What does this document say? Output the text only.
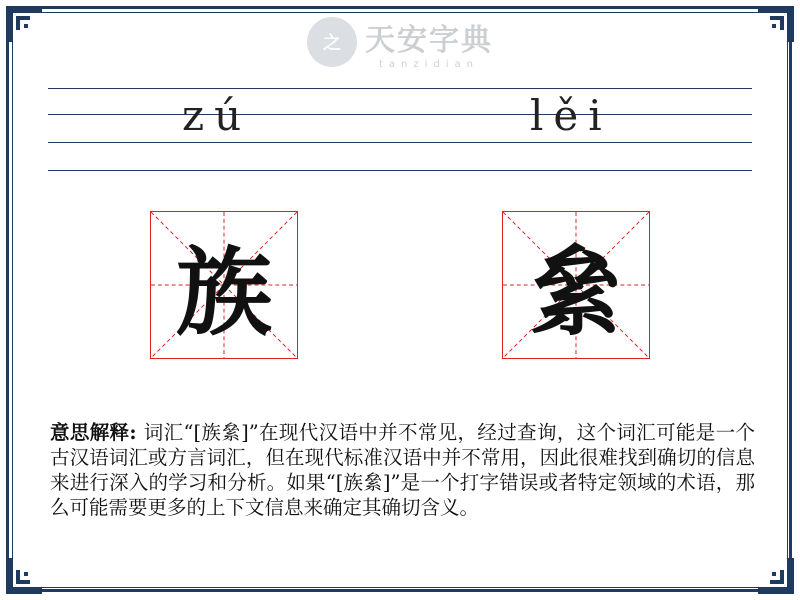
之 天安字典
tanzidian
zú	lěi
族	絫
意思解释: 词汇“[族絫]”在现代汉语中并不常见，经过查询，这个词汇可能是一个古汉语词汇或方言词汇，但在现代标准汉语中并不常用，因此很难找到确切的信息来进行深入的学习和分析。如果“[族絫]”是一个打字错误或者特定领域的术语，那么可能需要更多的上下文信息来确定其确切含义。
